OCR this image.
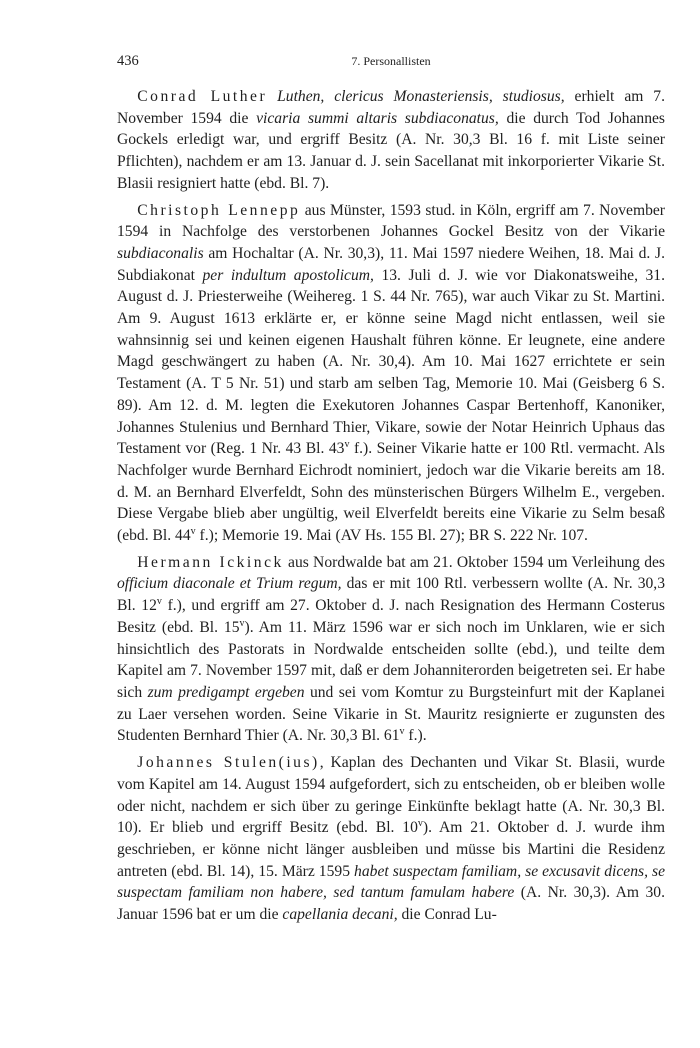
436	7. Personallisten

Conrad Luther Luthen, clericus Monasteriensis, studiosus, erhielt am 7. November 1594 die vicaria summi altaris subdiaconatus, die durch Tod Johannes Gockels erledigt war, und ergriff Besitz (A. Nr. 30,3 Bl. 16 f. mit Liste seiner Pflichten), nachdem er am 13. Januar d. J. sein Sacellanat mit inkorporierter Vikarie St. Blasii resigniert hatte (ebd. Bl. 7).

Christoph Lennepp aus Münster, 1593 stud. in Köln, ergriff am 7. November 1594 in Nachfolge des verstorbenen Johannes Gockel Besitz von der Vikarie subdiaconalis am Hochaltar (A. Nr. 30,3), 11. Mai 1597 niedere Weihen, 18. Mai d. J. Subdiakonat per indultum apostolicum, 13. Juli d. J. wie vor Diakonatsweihe, 31. August d. J. Priesterweihe (Weihereg. 1 S. 44 Nr. 765), war auch Vikar zu St. Martini. Am 9. August 1613 erklärte er, er könne seine Magd nicht entlassen, weil sie wahnsinnig sei und keinen eigenen Haushalt führen könne. Er leugnete, eine andere Magd geschwängert zu haben (A. Nr. 30,4). Am 10. Mai 1627 errichtete er sein Testament (A. T 5 Nr. 51) und starb am selben Tag, Memorie 10. Mai (Geisberg 6 S. 89). Am 12. d. M. legten die Exekutoren Johannes Caspar Bertenhoff, Kanoniker, Johannes Stulenius und Bernhard Thier, Vikare, sowie der Notar Heinrich Uphaus das Testament vor (Reg. 1 Nr. 43 Bl. 43$^v$ f.). Seiner Vikarie hatte er 100 Rtl. vermacht. Als Nachfolger wurde Bernhard Eichrodt nominiert, jedoch war die Vikarie bereits am 18. d. M. an Bernhard Elverfeldt, Sohn des münsterischen Bürgers Wilhelm E., vergeben. Diese Vergabe blieb aber ungültig, weil Elverfeldt bereits eine Vikarie zu Selm besaß (ebd. Bl. 44$^v$ f.); Memorie 19. Mai (AV Hs. 155 Bl. 27); BR S. 222 Nr. 107.

Hermann Ickinck aus Nordwalde bat am 21. Oktober 1594 um Verleihung des officium diaconale et Trium regum, das er mit 100 Rtl. verbessern wollte (A. Nr. 30,3 Bl. 12$^v$ f.), und ergriff am 27. Oktober d. J. nach Resignation des Hermann Costerus Besitz (ebd. Bl. 15$^v$). Am 11. März 1596 war er sich noch im Unklaren, wie er sich hinsichtlich des Pastorats in Nordwalde entscheiden sollte (ebd.), und teilte dem Kapitel am 7. November 1597 mit, daß er dem Johanniterorden beigetreten sei. Er habe sich zum predigampt ergeben und sei vom Komtur zu Burgsteinfurt mit der Kaplanei zu Laer versehen worden. Seine Vikarie in St. Mauritz resignierte er zugunsten des Studenten Bernhard Thier (A. Nr. 30,3 Bl. 61$^v$ f.).

Johannes Stulen(ius), Kaplan des Dechanten und Vikar St. Blasii, wurde vom Kapitel am 14. August 1594 aufgefordert, sich zu entscheiden, ob er bleiben wolle oder nicht, nachdem er sich über zu geringe Einkünfte beklagt hatte (A. Nr. 30,3 Bl. 10). Er blieb und ergriff Besitz (ebd. Bl. 10$^v$). Am 21. Oktober d. J. wurde ihm geschrieben, er könne nicht länger ausbleiben und müsse bis Martini die Residenz antreten (ebd. Bl. 14), 15. März 1595 habet suspectam familiam, se excusavit dicens, se suspectam familiam non habere, sed tantum famulam habere (A. Nr. 30,3). Am 30. Januar 1596 bat er um die capellania decani, die Conrad Lu-
